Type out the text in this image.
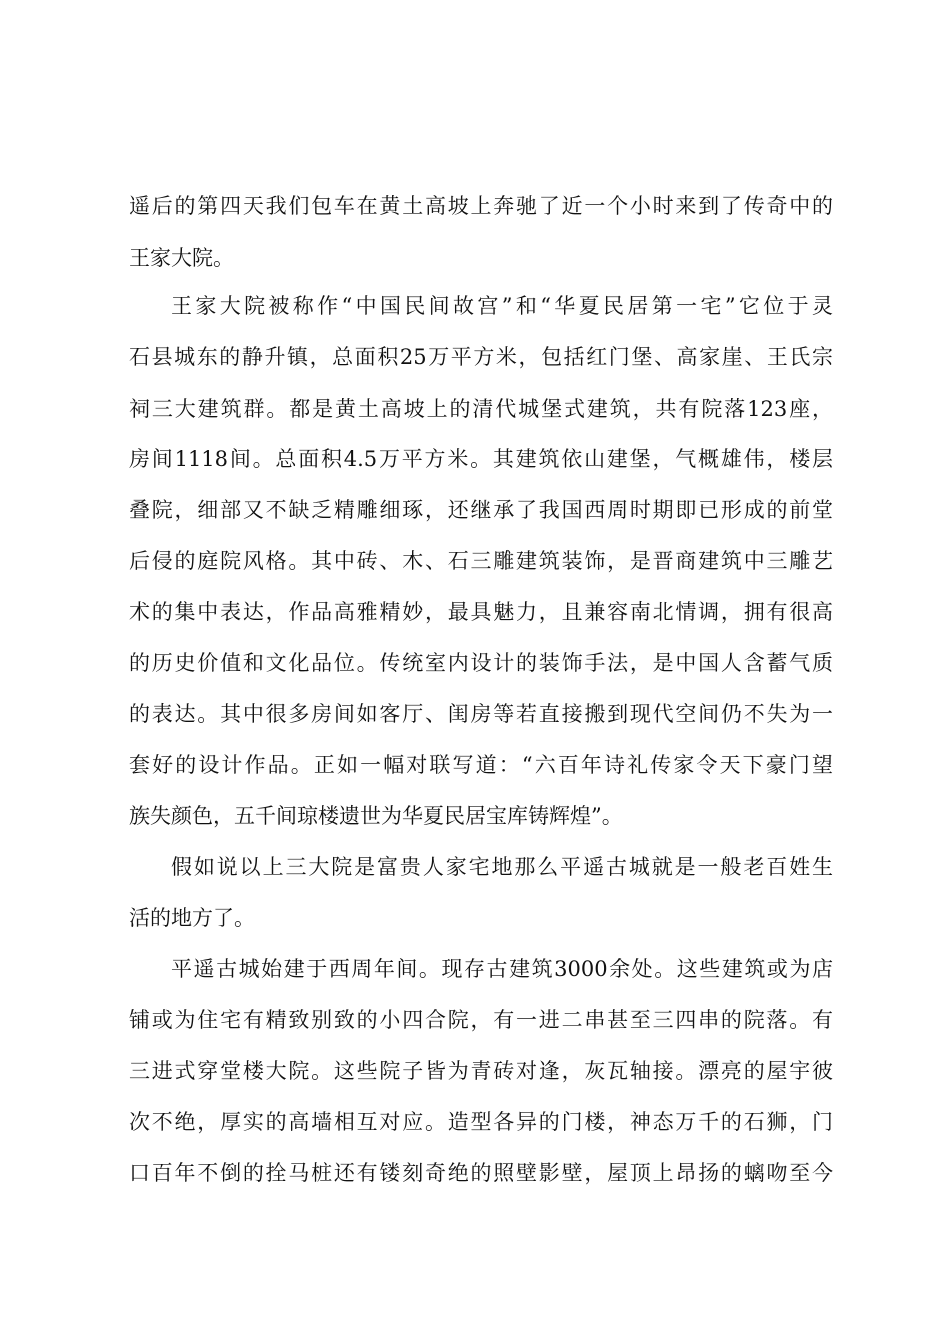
遥后的第四天我们包车在黄土高坡上奔驰了近一个小时来到了传奇中的
王家大院。
王家大院被称作“中国民间故宫”和“华夏民居第一宅”它位于灵
石县城东的静升镇，总面积25万平方米，包括红门堡、高家崖、王氏宗
祠三大建筑群。都是黄土高坡上的清代城堡式建筑，共有院落123座，
房间1118间。总面积4.5万平方米。其建筑依山建堡，气概雄伟，楼层
叠院，细部又不缺乏精雕细琢，还继承了我国西周时期即已形成的前堂
后侵的庭院风格。其中砖、木、石三雕建筑装饰，是晋商建筑中三雕艺
术的集中表达，作品高雅精妙，最具魅力，且兼容南北情调，拥有很高
的历史价值和文化品位。传统室内设计的装饰手法，是中国人含蓄气质
的表达。其中很多房间如客厅、闺房等若直接搬到现代空间仍不失为一
套好的设计作品。正如一幅对联写道：“六百年诗礼传家令天下豪门望
族失颜色，五千间琼楼遗世为华夏民居宝库铸辉煌”。
假如说以上三大院是富贵人家宅地那么平遥古城就是一般老百姓生
活的地方了。
平遥古城始建于西周年间。现存古建筑3000余处。这些建筑或为店
铺或为住宅有精致别致的小四合院，有一进二串甚至三四串的院落。有
三进式穿堂楼大院。这些院子皆为青砖对逢，灰瓦轴接。漂亮的屋宇彼
次不绝，厚实的高墙相互对应。造型各异的门楼，神态万千的石狮，门
口百年不倒的拴马桩还有镂刻奇绝的照壁影壁，屋顶上昂扬的螭吻至今
